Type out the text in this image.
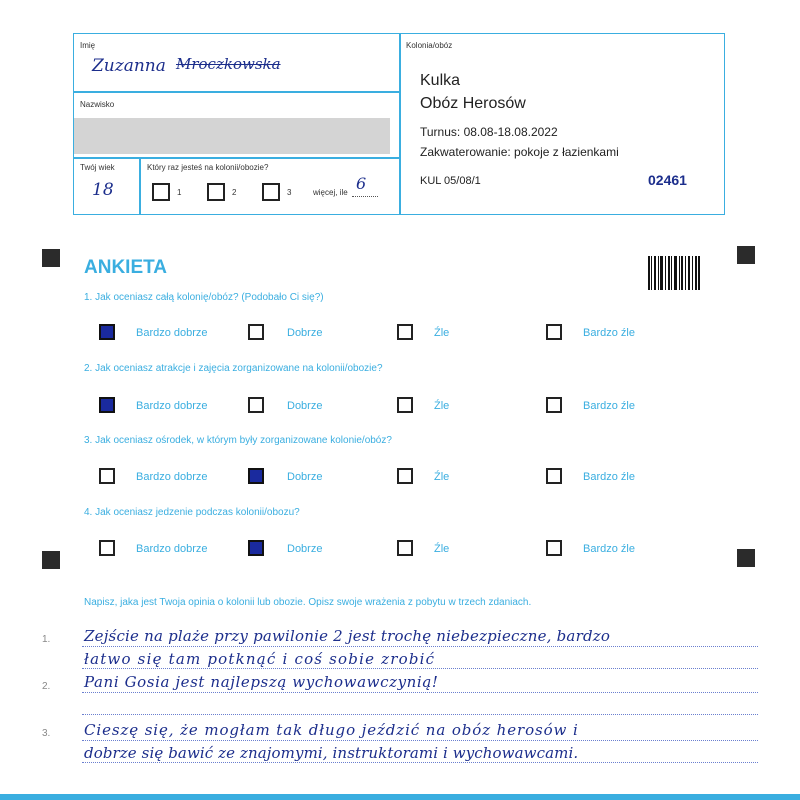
Imię
Zuzanna Mroczkowska
Nazwisko
Twój wiek
18
Który raz jesteś na kolonii/obozie?
1	2	3	więcej, ile 6
Kolonia/obóz
Kulka
Obóz Herosów
Turnus: 08.08-18.08.2022
Zakwaterowanie: pokoje z łazienkami
KUL 05/08/1	02461
ANKIETA
1. Jak oceniasz całą kolonię/obóz? (Podobało Ci się?)
2. Jak oceniasz atrakcje i zajęcia zorganizowane na kolonii/obozie?
3. Jak oceniasz ośrodek, w którym były zorganizowane kolonie/obóz?
4. Jak oceniasz jedzenie podczas kolonii/obozu?
Bardzo dobrze	Dobrze	Źle	Bardzo źle
Bardzo dobrze	Dobrze	Źle	Bardzo źle
Bardzo dobrze	Dobrze	Źle	Bardzo źle
Bardzo dobrze	Dobrze	Źle	Bardzo źle
Napisz, jaka jest Twoja opinia o kolonii lub obozie. Opisz swoje wrażenia z pobytu w trzech zdaniach.
1.
2.
3.
Zejście na plaże przy pawilonie 2 jest trochę niebezpieczne, bardzo
łatwo się tam potknąć i coś sobie zrobić
Pani Gosia jest najlepszą wychowawczynią!
Cieszę się, że mogłam tak długo jeździć na obóz herosów i
dobrze się bawić ze znajomymi, instruktorami i wychowawcami.
